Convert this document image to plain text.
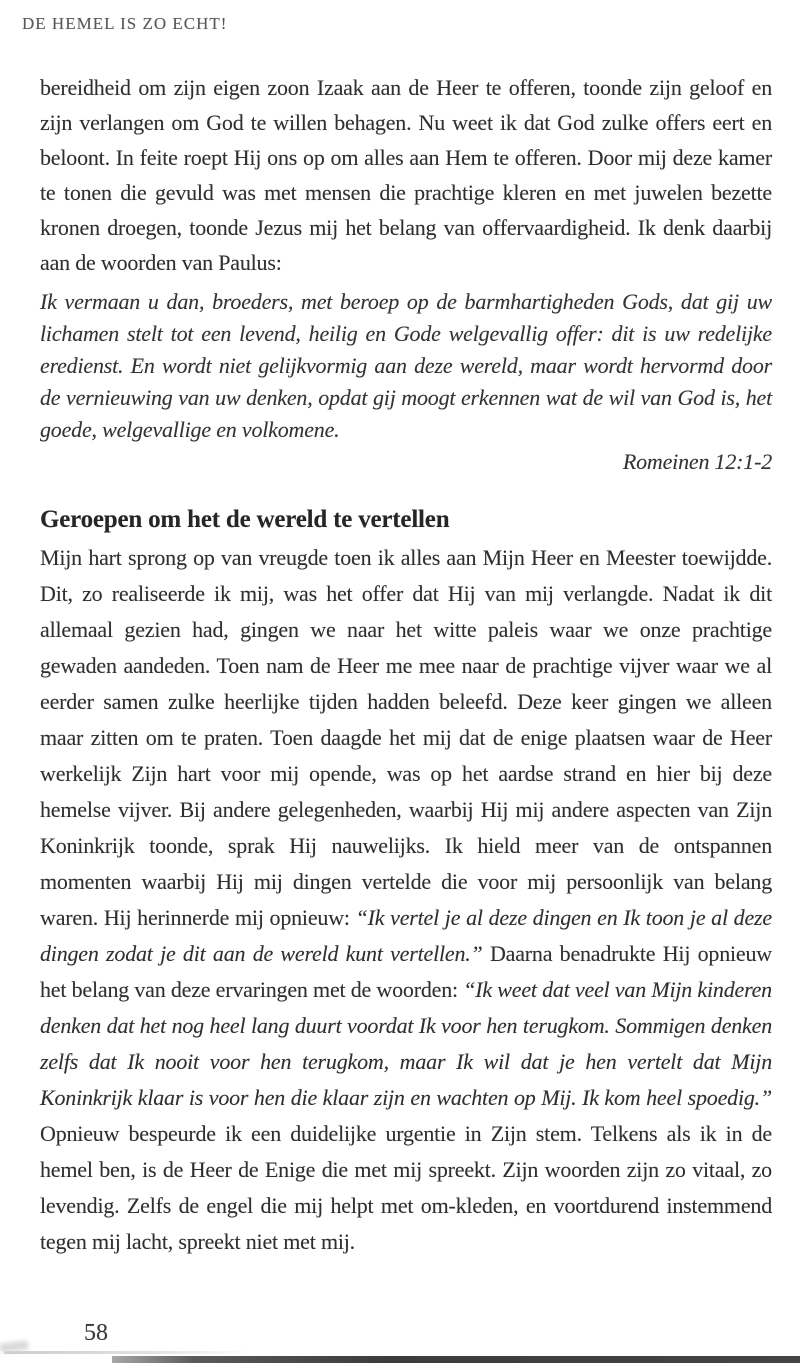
DE HEMEL IS ZO ECHT!

bereidheid om zijn eigen zoon Izaak aan de Heer te offeren, toonde zijn geloof en zijn verlangen om God te willen behagen. Nu weet ik dat God zulke offers eert en beloont. In feite roept Hij ons op om alles aan Hem te offeren. Door mij deze kamer te tonen die gevuld was met mensen die prachtige kleren en met juwelen bezette kronen droegen, toonde Jezus mij het belang van offervaardigheid. Ik denk daarbij aan de woorden van Paulus:

Ik vermaan u dan, broeders, met beroep op de barmhartigheden Gods, dat gij uw lichamen stelt tot een levend, heilig en Gode welgevallig offer: dit is uw redelijke eredienst. En wordt niet gelijkvormig aan deze wereld, maar wordt hervormd door de vernieuwing van uw denken, opdat gij moogt erkennen wat de wil van God is, het goede, welgevallige en volkomene.

Romeinen 12:1-2

Geroepen om het de wereld te vertellen

Mijn hart sprong op van vreugde toen ik alles aan Mijn Heer en Meester toewijdde. Dit, zo realiseerde ik mij, was het offer dat Hij van mij verlangde. Nadat ik dit allemaal gezien had, gingen we naar het witte paleis waar we onze prachtige gewaden aandeden. Toen nam de Heer me mee naar de prachtige vijver waar we al eerder samen zulke heerlijke tijden hadden beleefd. Deze keer gingen we alleen maar zitten om te praten. Toen daagde het mij dat de enige plaatsen waar de Heer werkelijk Zijn hart voor mij opende, was op het aardse strand en hier bij deze hemelse vijver. Bij andere gelegenheden, waarbij Hij mij andere aspecten van Zijn Koninkrijk toonde, sprak Hij nauwelijks. Ik hield meer van de ontspannen momenten waarbij Hij mij dingen vertelde die voor mij persoonlijk van belang waren. Hij herinnerde mij opnieuw: “Ik vertel je al deze dingen en Ik toon je al deze dingen zodat je dit aan de wereld kunt vertellen.” Daarna benadrukte Hij opnieuw het belang van deze ervaringen met de woorden: “Ik weet dat veel van Mijn kinderen denken dat het nog heel lang duurt voordat Ik voor hen terugkom. Sommigen denken zelfs dat Ik nooit voor hen terugkom, maar Ik wil dat je hen vertelt dat Mijn Koninkrijk klaar is voor hen die klaar zijn en wachten op Mij. Ik kom heel spoedig.” Opnieuw bespeurde ik een duidelijke urgentie in Zijn stem. Telkens als ik in de hemel ben, is de Heer de Enige die met mij spreekt. Zijn woorden zijn zo vitaal, zo levendig. Zelfs de engel die mij helpt met om-kleden, en voortdurend instemmend tegen mij lacht, spreekt niet met mij.

58
